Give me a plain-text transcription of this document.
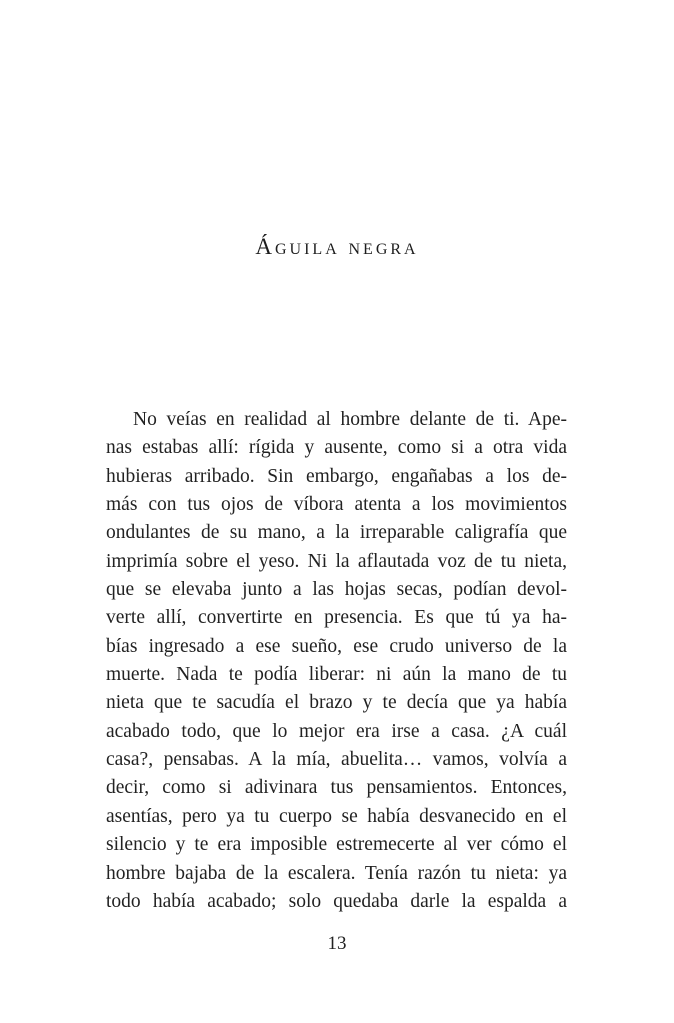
Águila negra
No veías en realidad al hombre delante de ti. Ape-
nas estabas allí: rígida y ausente, como si a otra vida
hubieras arribado. Sin embargo, engañabas a los de-
más con tus ojos de víbora atenta a los movimientos
ondulantes de su mano, a la irreparable caligrafía que
imprimía sobre el yeso. Ni la aflautada voz de tu nieta,
que se elevaba junto a las hojas secas, podían devol-
verte allí, convertirte en presencia. Es que tú ya ha-
bías ingresado a ese sueño, ese crudo universo de la
muerte. Nada te podía liberar: ni aún la mano de tu
nieta que te sacudía el brazo y te decía que ya había
acabado todo, que lo mejor era irse a casa. ¿A cuál
casa?, pensabas. A la mía, abuelita… vamos, volvía a
decir, como si adivinara tus pensamientos. Entonces,
asentías, pero ya tu cuerpo se había desvanecido en el
silencio y te era imposible estremecerte al ver cómo el
hombre bajaba de la escalera. Tenía razón tu nieta: ya
todo había acabado; solo quedaba darle la espalda a
13
